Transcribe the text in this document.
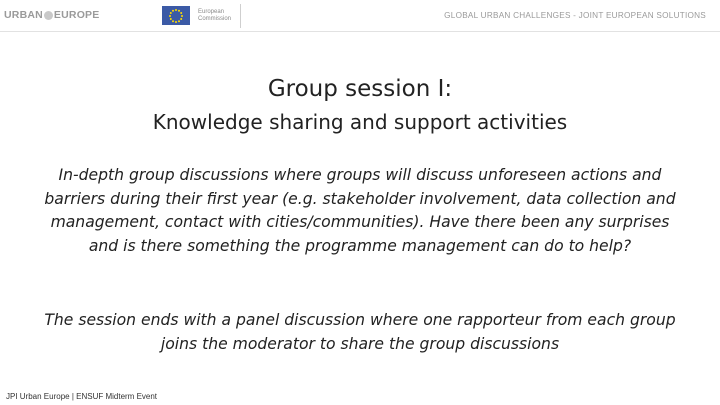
URBAN EUROPE	European
Commission	GLOBAL URBAN CHALLENGES - JOINT EUROPEAN SOLUTIONS
Group session I:
Knowledge sharing and support activities
In-depth group discussions where groups will discuss unforeseen actions and barriers during their first year (e.g. stakeholder involvement, data collection and management, contact with cities/communities). Have there been any surprises and is there something the programme management can do to help?
The session ends with a panel discussion where one rapporteur from each group joins the moderator to share the group discussions
JPI Urban Europe | ENSUF Midterm Event
